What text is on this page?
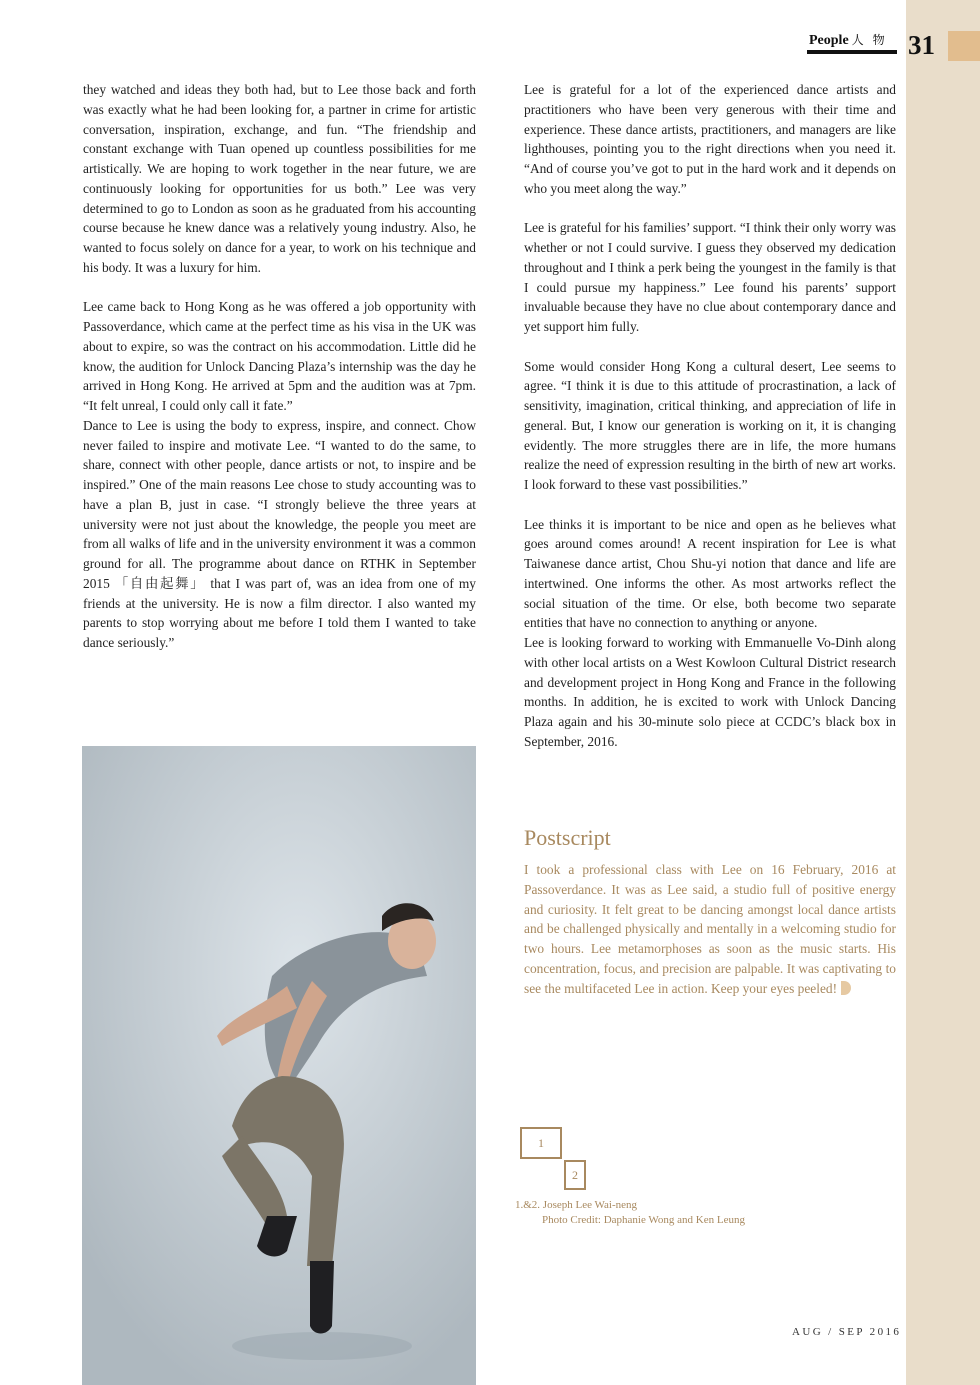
People 人 物 31

they watched and ideas they both had, but to Lee those back and forth was exactly what he had been looking for, a partner in crime for artistic conversation, inspiration, exchange, and fun. “The friendship and constant exchange with Tuan opened up countless possibilities for me artistically. We are hoping to work together in the near future, we are continuously looking for opportunities for us both.” Lee was very determined to go to London as soon as he graduated from his accounting course because he knew dance was a relatively young industry. Also, he wanted to focus solely on dance for a year, to work on his technique and his body. It was a luxury for him.

Lee came back to Hong Kong as he was offered a job opportunity with Passoverdance, which came at the perfect time as his visa in the UK was about to expire, so was the contract on his accommodation. Little did he know, the audition for Unlock Dancing Plaza’s internship was the day he arrived in Hong Kong. He arrived at 5pm and the audition was at 7pm. “It felt unreal, I could only call it fate.”

Dance to Lee is using the body to express, inspire, and connect. Chow never failed to inspire and motivate Lee. “I wanted to do the same, to share, connect with other people, dance artists or not, to inspire and be inspired.” One of the main reasons Lee chose to study accounting was to have a plan B, just in case. “I strongly believe the three years at university were not just about the knowledge, the people you meet are from all walks of life and in the university environment it was a common ground for all. The programme about dance on RTHK in September 2015 「自由起舞」 that I was part of, was an idea from one of my friends at the university. He is now a film director. I also wanted my parents to stop worrying about me before I told them I wanted to take dance seriously.”

Lee is grateful for a lot of the experienced dance artists and practitioners who have been very generous with their time and experience. These dance artists, practitioners, and managers are like lighthouses, pointing you to the right directions when you need it. “And of course you’ve got to put in the hard work and it depends on who you meet along the way.”

Lee is grateful for his families’ support. “I think their only worry was whether or not I could survive. I guess they observed my dedication throughout and I think a perk being the youngest in the family is that I could pursue my happiness.” Lee found his parents’ support invaluable because they have no clue about contemporary dance and yet support him fully.

Some would consider Hong Kong a cultural desert, Lee seems to agree. “I think it is due to this attitude of procrastination, a lack of sensitivity, imagination, critical thinking, and appreciation of life in general. But, I know our generation is working on it, it is changing evidently. The more struggles there are in life, the more humans realize the need of expression resulting in the birth of new art works. I look forward to these vast possibilities.”

Lee thinks it is important to be nice and open as he believes what goes around comes around! A recent inspiration for Lee is what Taiwanese dance artist, Chou Shu-yi notion that dance and life are intertwined. One informs the other. As most artworks reflect the social situation of the time. Or else, both become two separate entities that have no connection to anything or anyone.

Lee is looking forward to working with Emmanuelle Vo-Dinh along with other local artists on a West Kowloon Cultural District research and development project in Hong Kong and France in the following months. In addition, he is excited to work with Unlock Dancing Plaza again and his 30-minute solo piece at CCDC’s black box in September, 2016.

Postscript
I took a professional class with Lee on 16 February, 2016 at Passoverdance. It was as Lee said, a studio full of positive energy and curiosity. It felt great to be dancing amongst local dance artists and be challenged physically and mentally in a welcoming studio for two hours. Lee metamorphoses as soon as the music starts. His concentration, focus, and precision are palpable. It was captivating to see the multifaceted Lee in action. Keep your eyes peeled!
1
2
1.&2. Joseph Lee Wai-neng
Photo Credit: Daphanie Wong and Ken Leung
AUG / SEP 2016
